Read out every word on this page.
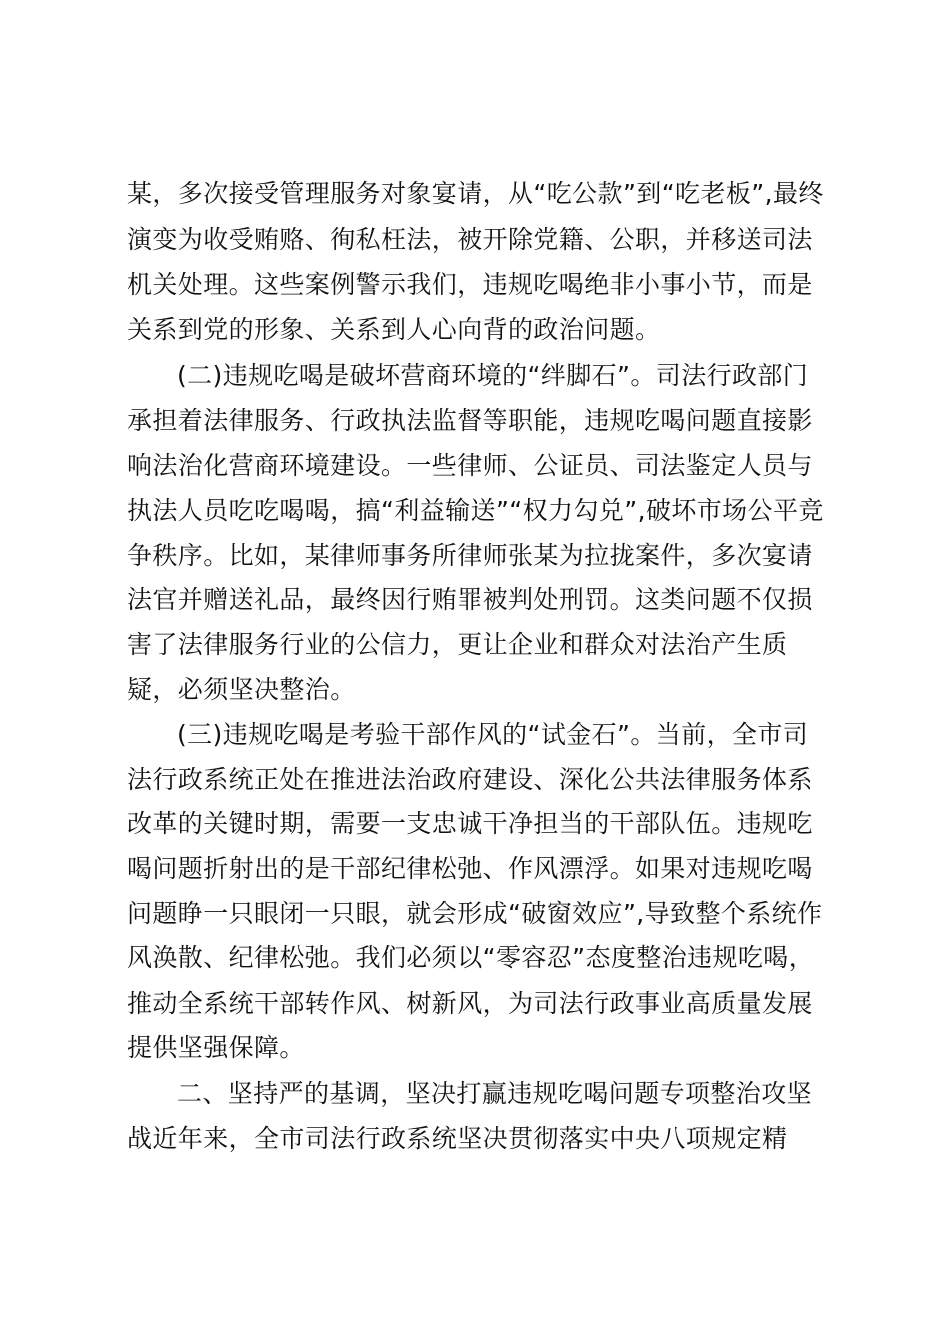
某，多次接受管理服务对象宴请，从“吃公款”到“吃老板”,最终
演变为收受贿赂、徇私枉法，被开除党籍、公职，并移送司法
机关处理。这些案例警示我们，违规吃喝绝非小事小节，而是
关系到党的形象、关系到人心向背的政治问题。
(二)违规吃喝是破坏营商环境的“绊脚石”。司法行政部门
承担着法律服务、行政执法监督等职能，违规吃喝问题直接影
响法治化营商环境建设。一些律师、公证员、司法鉴定人员与
执法人员吃吃喝喝，搞“利益输送”“权力勾兑”,破坏市场公平竞
争秩序。比如，某律师事务所律师张某为拉拢案件，多次宴请
法官并赠送礼品，最终因行贿罪被判处刑罚。这类问题不仅损
害了法律服务行业的公信力，更让企业和群众对法治产生质
疑，必须坚决整治。
(三)违规吃喝是考验干部作风的“试金石”。当前，全市司
法行政系统正处在推进法治政府建设、深化公共法律服务体系
改革的关键时期，需要一支忠诚干净担当的干部队伍。违规吃
喝问题折射出的是干部纪律松弛、作风漂浮。如果对违规吃喝
问题睁一只眼闭一只眼，就会形成“破窗效应”,导致整个系统作
风涣散、纪律松弛。我们必须以“零容忍”态度整治违规吃喝，
推动全系统干部转作风、树新风，为司法行政事业高质量发展
提供坚强保障。
二、坚持严的基调，坚决打赢违规吃喝问题专项整治攻坚
战近年来，全市司法行政系统坚决贯彻落实中央八项规定精
